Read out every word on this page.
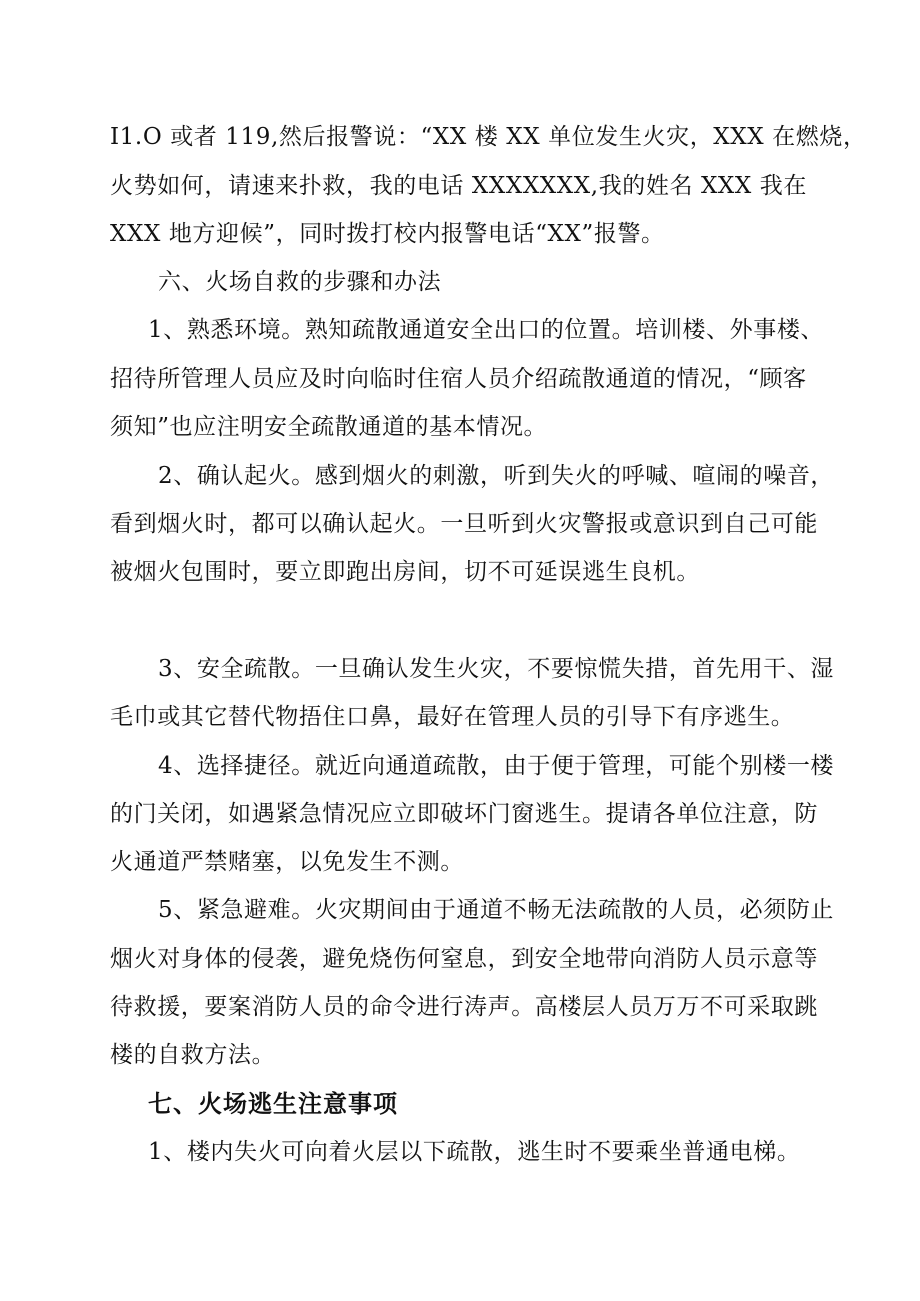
I1.O 或者 119,然后报警说：“XX 楼 XX 单位发生火灾，XXX 在燃烧，
火势如何，请速来扑救，我的电话 XXXXXXX,我的姓名 XXX 我在
XXX 地方迎候”，同时拨打校内报警电话“XX”报警。
六、火场自救的步骤和办法
1、熟悉环境。熟知疏散通道安全出口的位置。培训楼、外事楼、
招待所管理人员应及时向临时住宿人员介绍疏散通道的情况，“顾客
须知”也应注明安全疏散通道的基本情况。
2、确认起火。感到烟火的刺激，听到失火的呼喊、喧闹的噪音，
看到烟火时，都可以确认起火。一旦听到火灾警报或意识到自己可能
被烟火包围时，要立即跑出房间，切不可延误逃生良机。
3、安全疏散。一旦确认发生火灾，不要惊慌失措，首先用干、湿
毛巾或其它替代物捂住口鼻，最好在管理人员的引导下有序逃生。
4、选择捷径。就近向通道疏散，由于便于管理，可能个别楼一楼
的门关闭，如遇紧急情况应立即破坏门窗逃生。提请各单位注意，防
火通道严禁赌塞，以免发生不测。
5、紧急避难。火灾期间由于通道不畅无法疏散的人员，必须防止
烟火对身体的侵袭，避免烧伤何窒息，到安全地带向消防人员示意等
待救援，要案消防人员的命令进行涛声。高楼层人员万万不可采取跳
楼的自救方法。
七、火场逃生注意事项
1、楼内失火可向着火层以下疏散，逃生时不要乘坐普通电梯。
